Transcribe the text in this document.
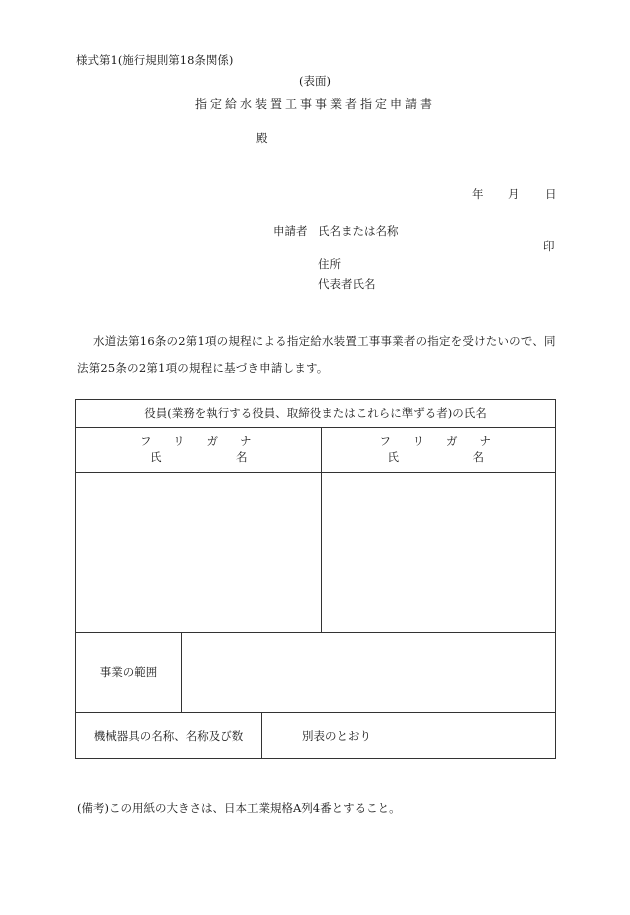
様式第1(施行規則第18条関係)
(表面)
指定給水装置工事事業者指定申請書
殿
年 月 日
申請者 氏名または名称
印
住所
代表者氏名
水道法第16条の2第1項の規程による指定給水装置工事事業者の指定を受けたいので、同法第25条の2第1項の規程に基づき申請します。
役員(業務を執行する役員、取締役またはこれらに準ずる者)の氏名
フリガナ
氏	名
フリガナ
氏	名
事業の範囲
機械器具の名称、名称及び数	別表のとおり
(備考)この用紙の大きさは、日本工業規格A列4番とすること。
